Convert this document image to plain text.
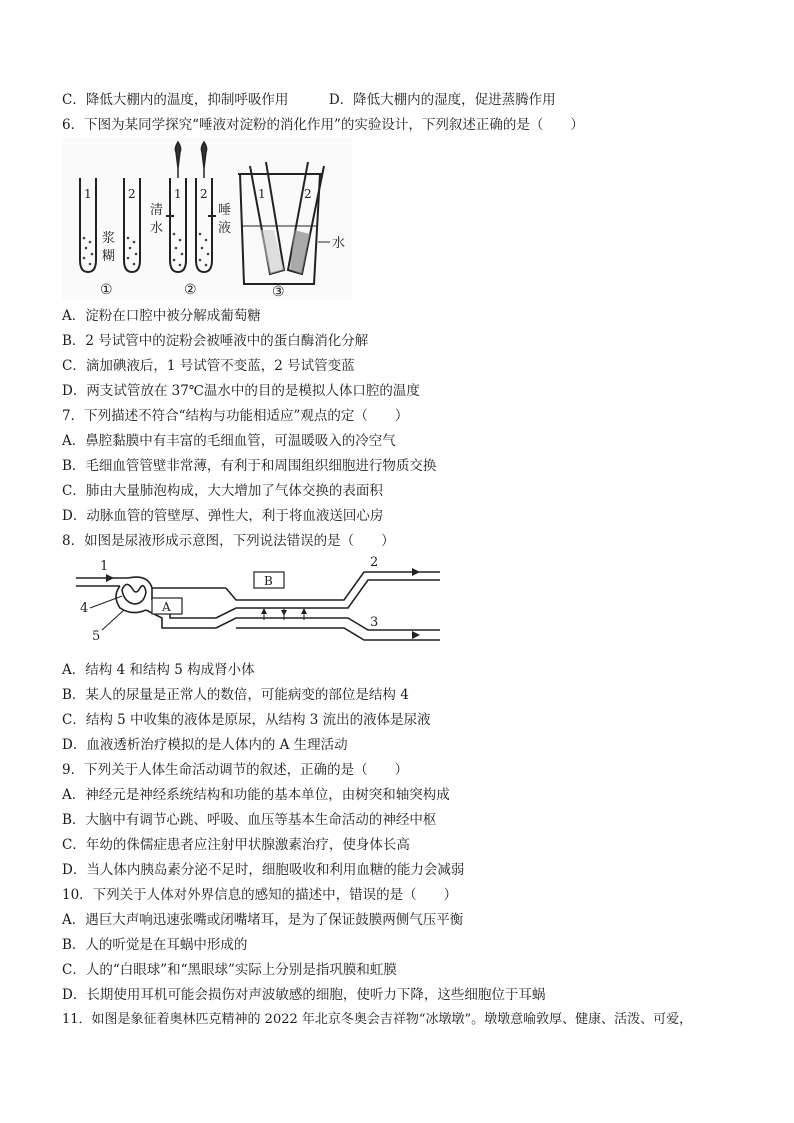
C．降低大棚内的温度，抑制呼吸作用　　　D．降低大棚内的湿度，促进蒸腾作用
6．下图为某同学探究“唾液对淀粉的消化作用”的实验设计，下列叙述正确的是（　　）
1	2
浆
糊
①
1 2
清
水
唾
液
②
1	2
水
③
A．淀粉在口腔中被分解成葡萄糖
B．2 号试管中的淀粉会被唾液中的蛋白酶消化分解
C．滴加碘液后，1 号试管不变蓝，2 号试管变蓝
D．两支试管放在 37℃温水中的目的是模拟人体口腔的温度
7．下列描述不符合“结构与功能相适应”观点的定（　　）
A．鼻腔黏膜中有丰富的毛细血管，可温暖吸入的冷空气
B．毛细血管管壁非常薄，有利于和周围组织细胞进行物质交换
C．肺由大量肺泡构成，大大增加了气体交换的表面积
D．动脉血管的管壁厚、弹性大，利于将血液送回心房
8．如图是尿液形成示意图，下列说法错误的是（　　）
A
B
1	2
3
4
5
A．结构 4 和结构 5 构成肾小体
B．某人的尿量是正常人的数倍，可能病变的部位是结构 4
C．结构 5 中收集的液体是原尿，从结构 3 流出的液体是尿液
D．血液透析治疗模拟的是人体内的 A 生理活动
9．下列关于人体生命活动调节的叙述，正确的是（　　）
A．神经元是神经系统结构和功能的基本单位，由树突和轴突构成
B．大脑中有调节心跳、呼吸、血压等基本生命活动的神经中枢
C．年幼的侏儒症患者应注射甲状腺激素治疗，使身体长高
D．当人体内胰岛素分泌不足时，细胞吸收和利用血糖的能力会减弱
10．下列关于人体对外界信息的感知的描述中，错误的是（　　）
A．遇巨大声响迅速张嘴或闭嘴堵耳，是为了保证鼓膜两侧气压平衡
B．人的听觉是在耳蜗中形成的
C．人的“白眼球”和“黑眼球”实际上分别是指巩膜和虹膜
D．长期使用耳机可能会损伤对声波敏感的细胞，使听力下降，这些细胞位于耳蜗
11．如图是象征着奥林匹克精神的 2022 年北京冬奥会吉祥物“冰墩墩”。墩墩意喻敦厚、健康、活泼、可爱，
